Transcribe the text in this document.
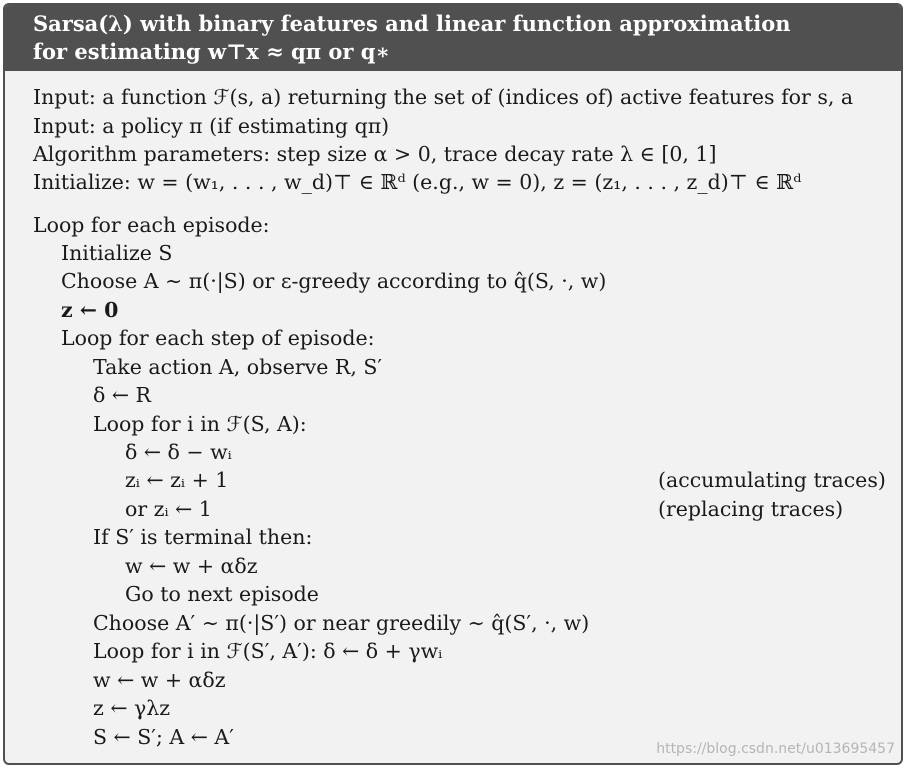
Sarsa(λ) with binary features and linear function approximation
for estimating w⊤x ≈ qπ or q∗
Input: a function ℱ(s, a) returning the set of (indices of) active features for s, a
Input: a policy π (if estimating qπ)
Algorithm parameters: step size α > 0, trace decay rate λ ∈ [0, 1]
Initialize: w = (w₁, . . . , w_d)⊤ ∈ ℝᵈ (e.g., w = 0), z = (z₁, . . . , z_d)⊤ ∈ ℝᵈ
Loop for each episode:
Initialize S
Choose A ∼ π(·|S) or ε-greedy according to q̂(S, ·, w)
z ← 0
Loop for each step of episode:
Take action A, observe R, S′
δ ← R
Loop for i in ℱ(S, A):
δ ← δ − wᵢ
zᵢ ← zᵢ + 1	(accumulating traces)
or zᵢ ← 1	(replacing traces)
If S′ is terminal then:
w ← w + αδz
Go to next episode
Choose A′ ∼ π(·|S′) or near greedily ∼ q̂(S′, ·, w)
Loop for i in ℱ(S′, A′): δ ← δ + γwᵢ
w ← w + αδz
z ← γλz
S ← S′; A ← A′	https://blog.csdn.net/u013695457
